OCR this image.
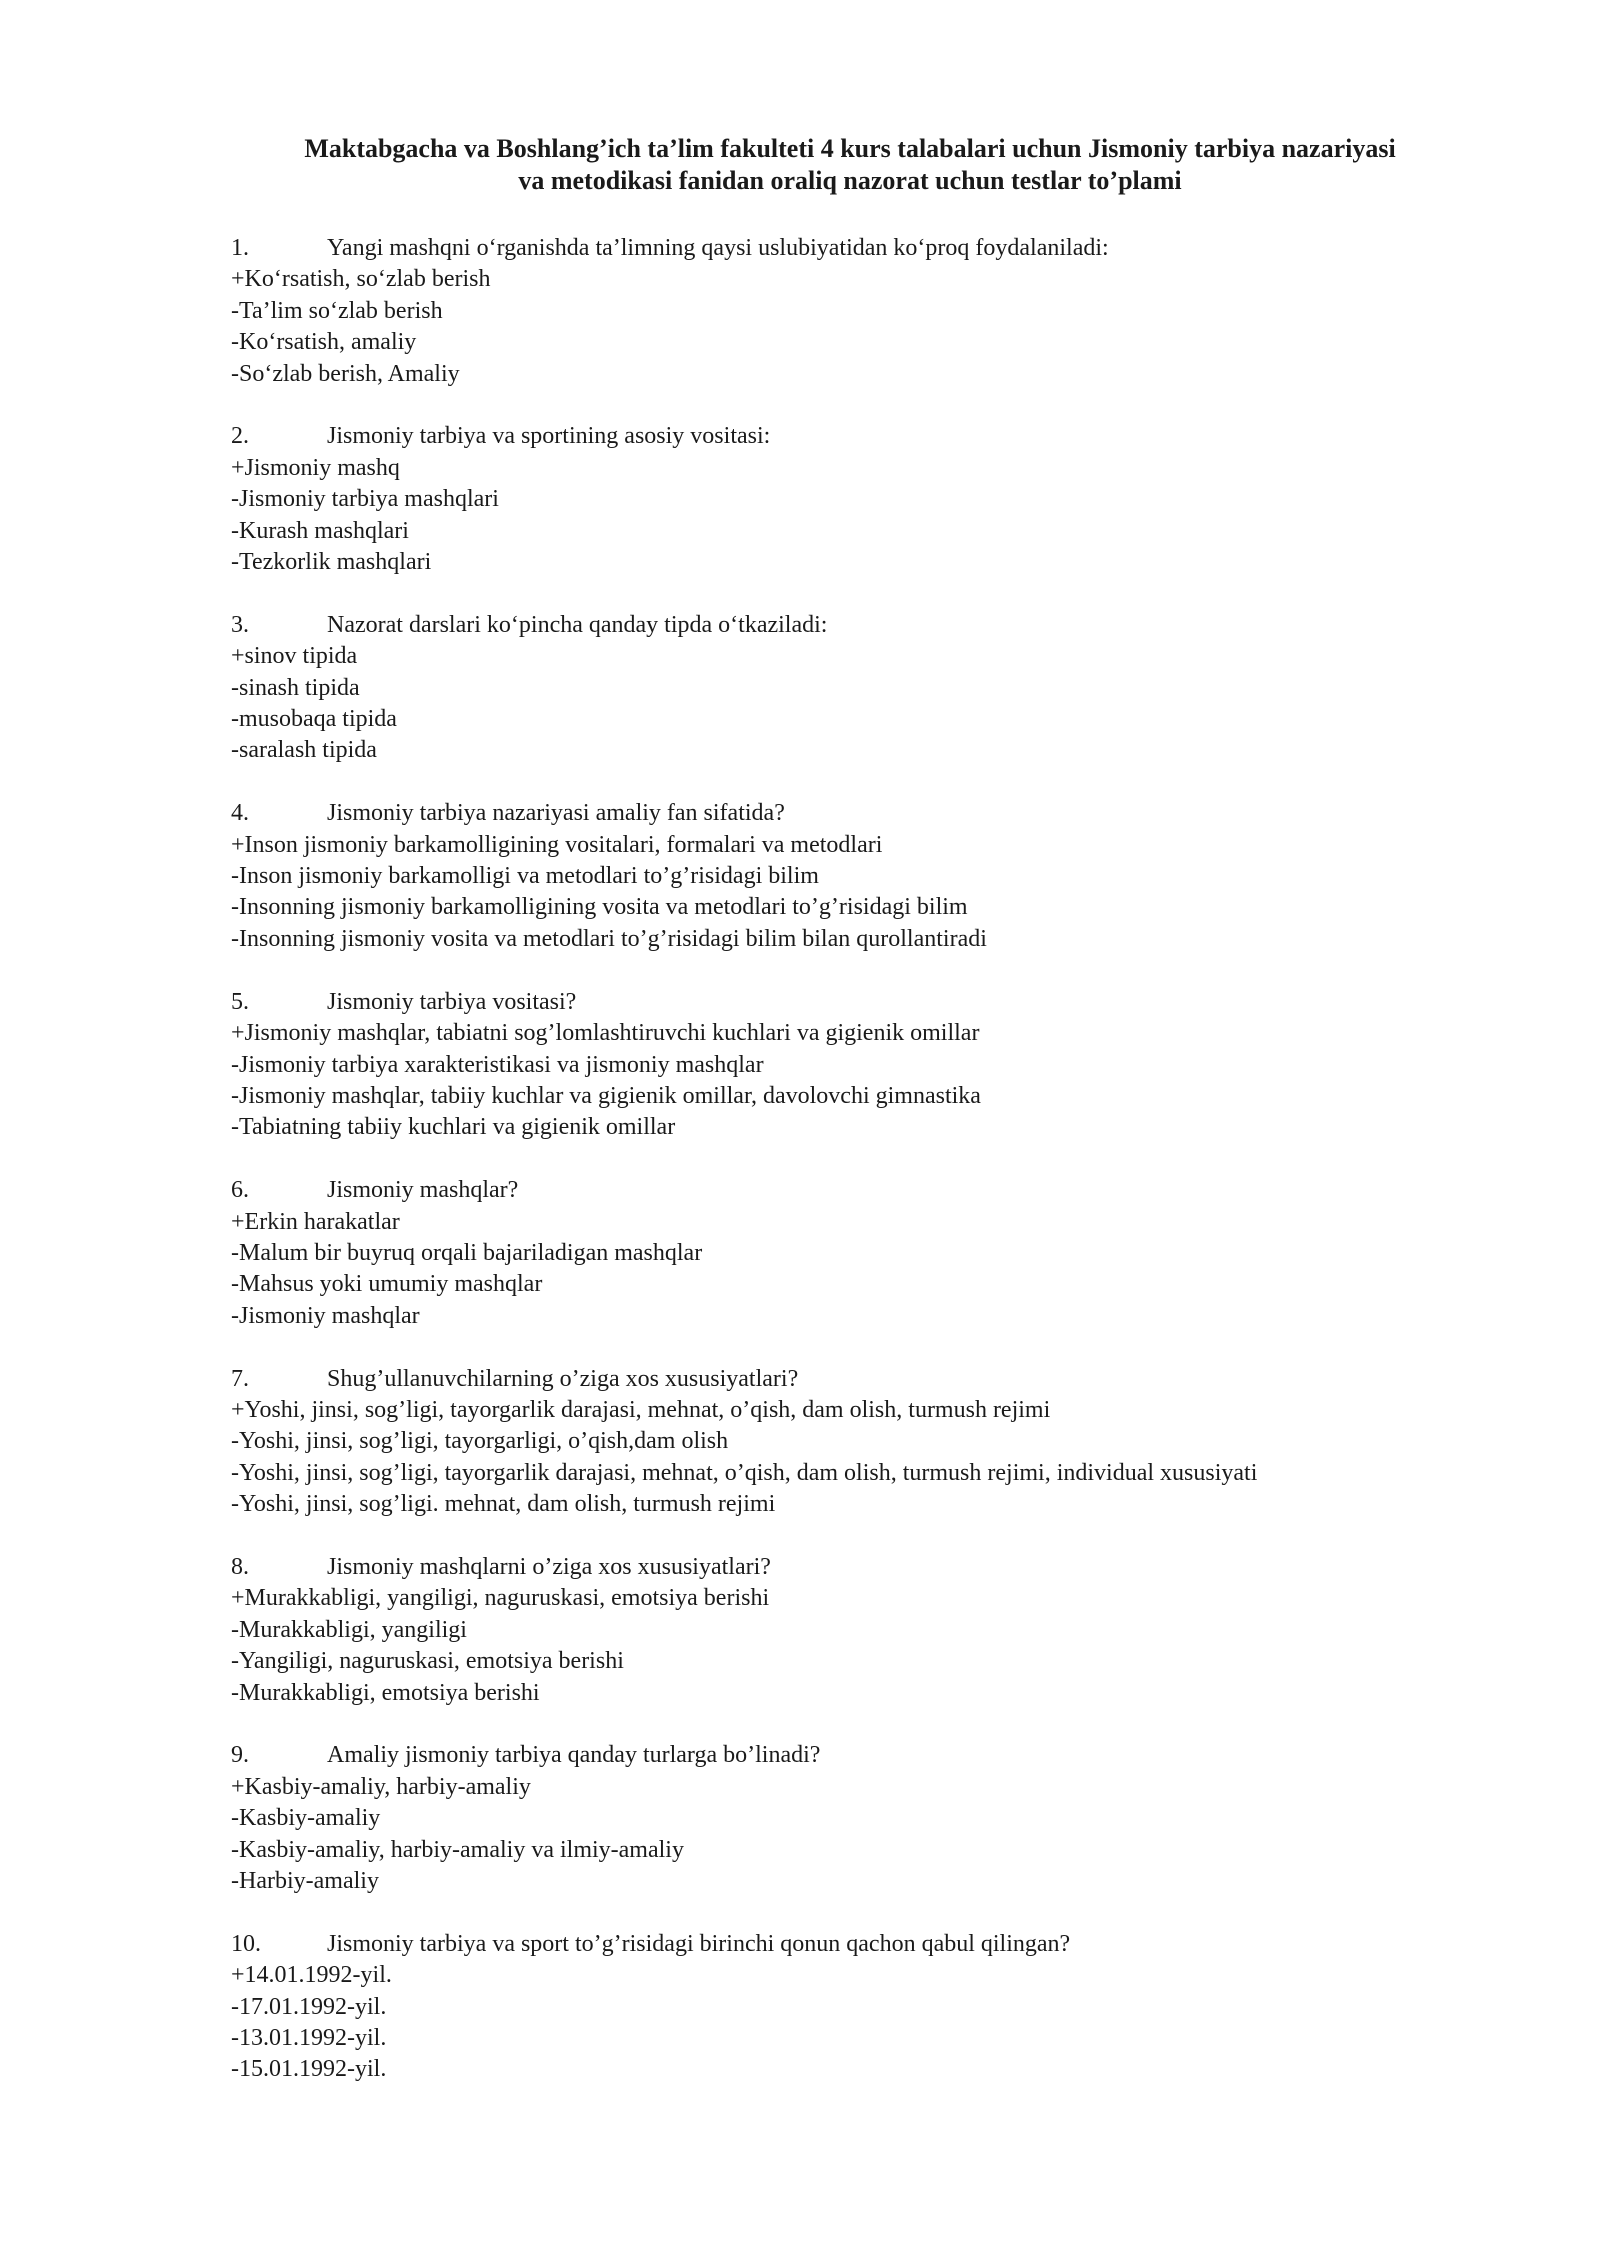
Maktabgacha va Boshlang’ich ta’lim fakulteti 4 kurs talabalari uchun Jismoniy tarbiya nazariyasi
va metodikasi fanidan oraliq nazorat uchun testlar to’plami
1.	Yangi mashqni o‘rganishda ta’limning qaysi uslubiyatidan ko‘proq foydalaniladi:
+Ko‘rsatish, so‘zlab berish
-Ta’lim so‘zlab berish
-Ko‘rsatish, amaliy
-So‘zlab berish, Amaliy
2.	Jismoniy tarbiya va sportining asosiy vositasi:
+Jismoniy mashq
-Jismoniy tarbiya mashqlari
-Kurash mashqlari
-Tezkorlik mashqlari
3.	Nazorat darslari ko‘pincha qanday tipda o‘tkaziladi:
+sinov tipida
-sinash tipida
-musobaqa tipida
-saralash tipida
4.	Jismoniy tarbiya nazariyasi amaliy fan sifatida?
+Inson jismoniy barkamolligining vositalari, formalari va metodlari
-Inson jismoniy barkamolligi va metodlari to’g’risidagi bilim
-Insonning jismoniy barkamolligining vosita va metodlari to’g’risidagi bilim
-Insonning jismoniy vosita va metodlari to’g’risidagi bilim bilan qurollantiradi
5.	Jismoniy tarbiya vositasi?
+Jismoniy mashqlar, tabiatni sog’lomlashtiruvchi kuchlari va gigienik omillar
-Jismoniy tarbiya xarakteristikasi va jismoniy mashqlar
-Jismoniy mashqlar, tabiiy kuchlar va gigienik omillar, davolovchi gimnastika
-Tabiatning tabiiy kuchlari va gigienik omillar
6.	Jismoniy mashqlar?
+Erkin harakatlar
-Malum bir buyruq orqali bajariladigan mashqlar
-Mahsus yoki umumiy mashqlar
-Jismoniy mashqlar
7.	Shug’ullanuvchilarning o’ziga xos xususiyatlari?
+Yoshi, jinsi, sog’ligi, tayorgarlik darajasi, mehnat, o’qish, dam olish, turmush rejimi
-Yoshi, jinsi, sog’ligi, tayorgarligi, o’qish,dam olish
-Yoshi, jinsi, sog’ligi, tayorgarlik darajasi, mehnat, o’qish, dam olish, turmush rejimi, individual xususiyati
-Yoshi, jinsi, sog’ligi. mehnat, dam olish, turmush rejimi
8.	Jismoniy mashqlarni o’ziga xos xususiyatlari?
+Murakkabligi, yangiligi, naguruskasi, emotsiya berishi
-Murakkabligi, yangiligi
-Yangiligi, naguruskasi, emotsiya berishi
-Murakkabligi, emotsiya berishi
9.	Amaliy jismoniy tarbiya qanday turlarga bo’linadi?
+Kasbiy-amaliy, harbiy-amaliy
-Kasbiy-amaliy
-Kasbiy-amaliy, harbiy-amaliy va ilmiy-amaliy
-Harbiy-amaliy
10.	Jismoniy tarbiya va sport to’g’risidagi birinchi qonun qachon qabul qilingan?
+14.01.1992-yil.
-17.01.1992-yil.
-13.01.1992-yil.
-15.01.1992-yil.
